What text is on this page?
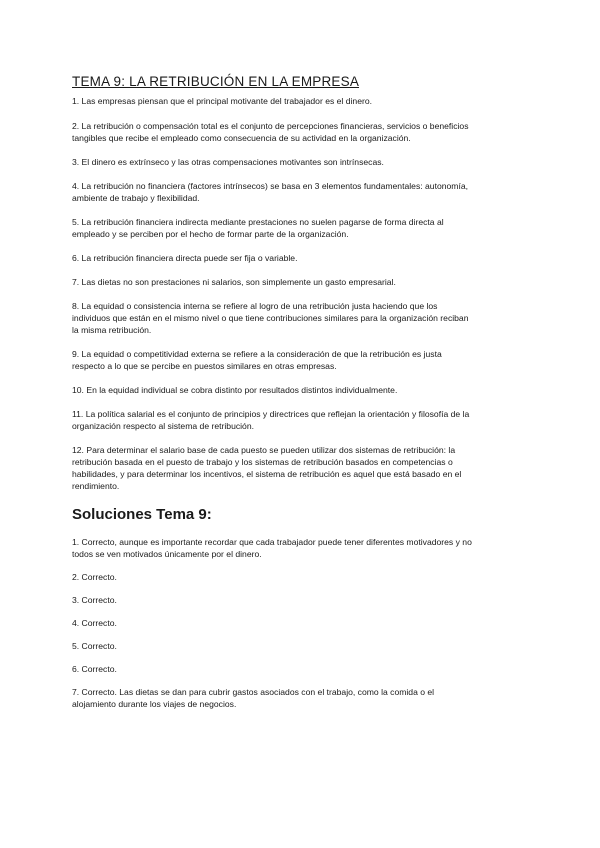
TEMA 9: LA RETRIBUCIÓN EN LA EMPRESA

1. Las empresas piensan que el principal motivante del trabajador es el dinero.

2. La retribución o compensación total es el conjunto de percepciones financieras, servicios o beneficios tangibles que recibe el empleado como consecuencia de su actividad en la organización.

3. El dinero es extrínseco y las otras compensaciones motivantes son intrínsecas.

4. La retribución no financiera (factores intrínsecos) se basa en 3 elementos fundamentales: autonomía, ambiente de trabajo y flexibilidad.

5. La retribución financiera indirecta mediante prestaciones no suelen pagarse de forma directa al empleado y se perciben por el hecho de formar parte de la organización.

6. La retribución financiera directa puede ser fija o variable.

7. Las dietas no son prestaciones ni salarios, son simplemente un gasto empresarial.

8. La equidad o consistencia interna se refiere al logro de una retribución justa haciendo que los individuos que están en el mismo nivel o que tiene contribuciones similares para la organización reciban la misma retribución.

9. La equidad o competitividad externa se refiere a la consideración de que la retribución es justa respecto a lo que se percibe en puestos similares en otras empresas.

10. En la equidad individual se cobra distinto por resultados distintos individualmente.

11. La política salarial es el conjunto de principios y directrices que reflejan la orientación y filosofía de la organización respecto al sistema de retribución.

12. Para determinar el salario base de cada puesto se pueden utilizar dos sistemas de retribución: la retribución basada en el puesto de trabajo y los sistemas de retribución basados en competencias o habilidades, y para determinar los incentivos, el sistema de retribución es aquel que está basado en el rendimiento.

Soluciones Tema 9:

1. Correcto, aunque es importante recordar que cada trabajador puede tener diferentes motivadores y no todos se ven motivados únicamente por el dinero.

2. Correcto.

3. Correcto.

4. Correcto.

5. Correcto.

6. Correcto.

7. Correcto. Las dietas se dan para cubrir gastos asociados con el trabajo, como la comida o el alojamiento durante los viajes de negocios.
